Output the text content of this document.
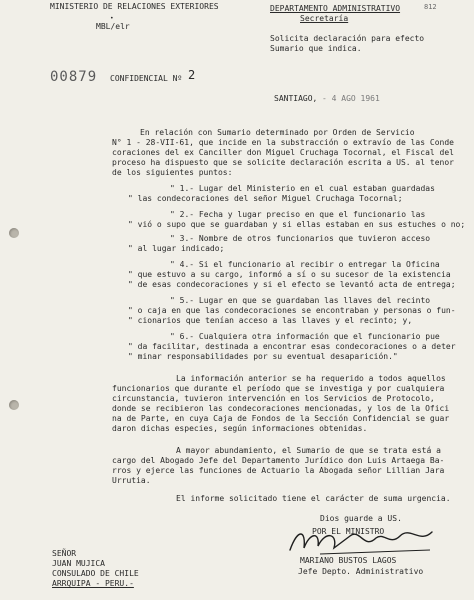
MINISTERIO DE RELACIONES EXTERIORES
•
MBL/elr
DEPARTAMENTO ADMINISTRATIVO
Secretaría
812
Solicita declaración para efecto
Sumario que indica.
00879 CONFIDENCIAL Nº 2
SANTIAGO, - 4 AGO 1961
En relación con Sumario determinado por Orden de Servicio
N° 1 - 28-VII-61, que incide en la substracción o extravío de las Conde
coraciones del ex Canciller don Miguel Cruchaga Tocornal, el Fiscal del
proceso ha dispuesto que se solicite declaración escrita a US. al tenor
de los siguientes puntos:
" 1.- Lugar del Ministerio en el cual estaban guardadas
" las condecoraciones del señor Miguel Cruchaga Tocornal;
" 2.- Fecha y lugar preciso en que el funcionario las
" vió o supo que se guardaban y si ellas estaban en sus estuches o no;
" 3.- Nombre de otros funcionarios que tuvieron acceso
" al lugar indicado;
" 4.- Si el funcionario al recibir o entregar la Oficina
" que estuvo a su cargo, informó a sí o su sucesor de la existencia
" de esas condecoraciones y si el efecto se levantó acta de entrega;
" 5.- Lugar en que se guardaban las llaves del recinto
" o caja en que las condecoraciones se encontraban y personas o fun-
" cionarios que tenían acceso a las llaves y el recinto; y,
" 6.- Cualquiera otra información que el funcionario pue
" da facilitar, destinada a encontrar esas condecoraciones o a deter
" minar responsabilidades por su eventual desaparición."
La información anterior se ha requerido a todos aquellos
funcionarios que durante el período que se investiga y por cualquiera
circunstancia, tuvieron intervención en los Servicios de Protocolo,
donde se recibieron las condecoraciones mencionadas, y los de la Ofici
na de Parte, en cuya Caja de Fondos de la Sección Confidencial se guar
daron dichas especies, según informaciones obtenidas.
A mayor abundamiento, el Sumario de que se trata está a
cargo del Abogado Jefe del Departamento Jurídico don Luis Artaega Ba-
rros y ejerce las funciones de Actuario la Abogada señor Lillian Jara
Urrutia.
El informe solicitado tiene el carácter de suma urgencia.
Dios guarde a US.
POR EL MINISTRO
MARIANO BUSTOS LAGOS
Jefe Depto. Administrativo
SEÑOR
JUAN MUJICA
CONSULADO DE CHILE
ARRQUIPA - PERU.-
